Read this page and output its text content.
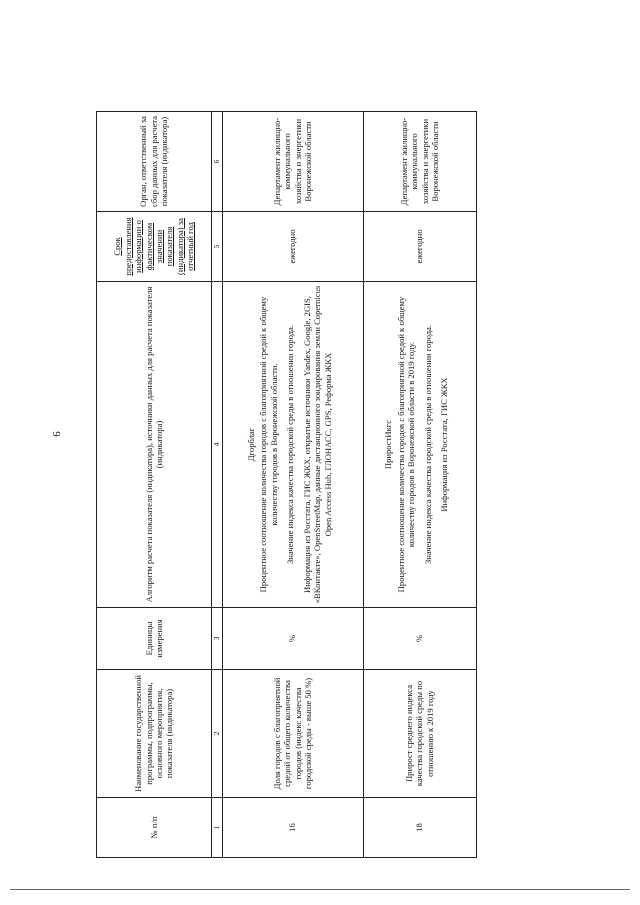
9
№ п/п	Наименование государственной программы, подпрограммы, основного мероприятия, показателя (индикатора)	Единицы измерения	Алгоритм расчета показателя (индикатора), источники данных для расчета показателя (индикатора)	Срок предоставления информации о фактическом значении показателя (индикатора) за отчетный год	Орган, ответственный за сбор данных для расчета показателя (индикатора)
1	2	3	4	5	6
16	Доля городов с благоприятной средой от общего количества городов (индекс качества городской среды - выше 50 %)	%	Дгорблаг Процентное соотношение количества городов с благоприятной средой к общему количеству городов в Воронежской области. Значение индекса качества городской среды в отношении города. Информация из Росстата, ГИС ЖКХ, открытые источники Yandex, Google, 2GIS, «ВКонтакте», OpenStreetMap, данные дистанционного зондирования земли Copernicus Open Access Hub, ГЛОНАСС, GPS, Реформа ЖКХ	ежегодно	Департамент жилищно-коммунального хозяйства и энергетики Воронежской области
18	Прирост среднего индекса качества городской среды по отношению к 2019 году	%	ПриростИкгс Процентное соотношение количества городов с благоприятной средой к общему количеству городов в Воронежской области в 2019 году. Значение индекса качества городской среды в отношении города. Информация из Росстата, ГИС ЖКХ	ежегодно	Департамент жилищно-коммунального хозяйства и энергетики Воронежской области
